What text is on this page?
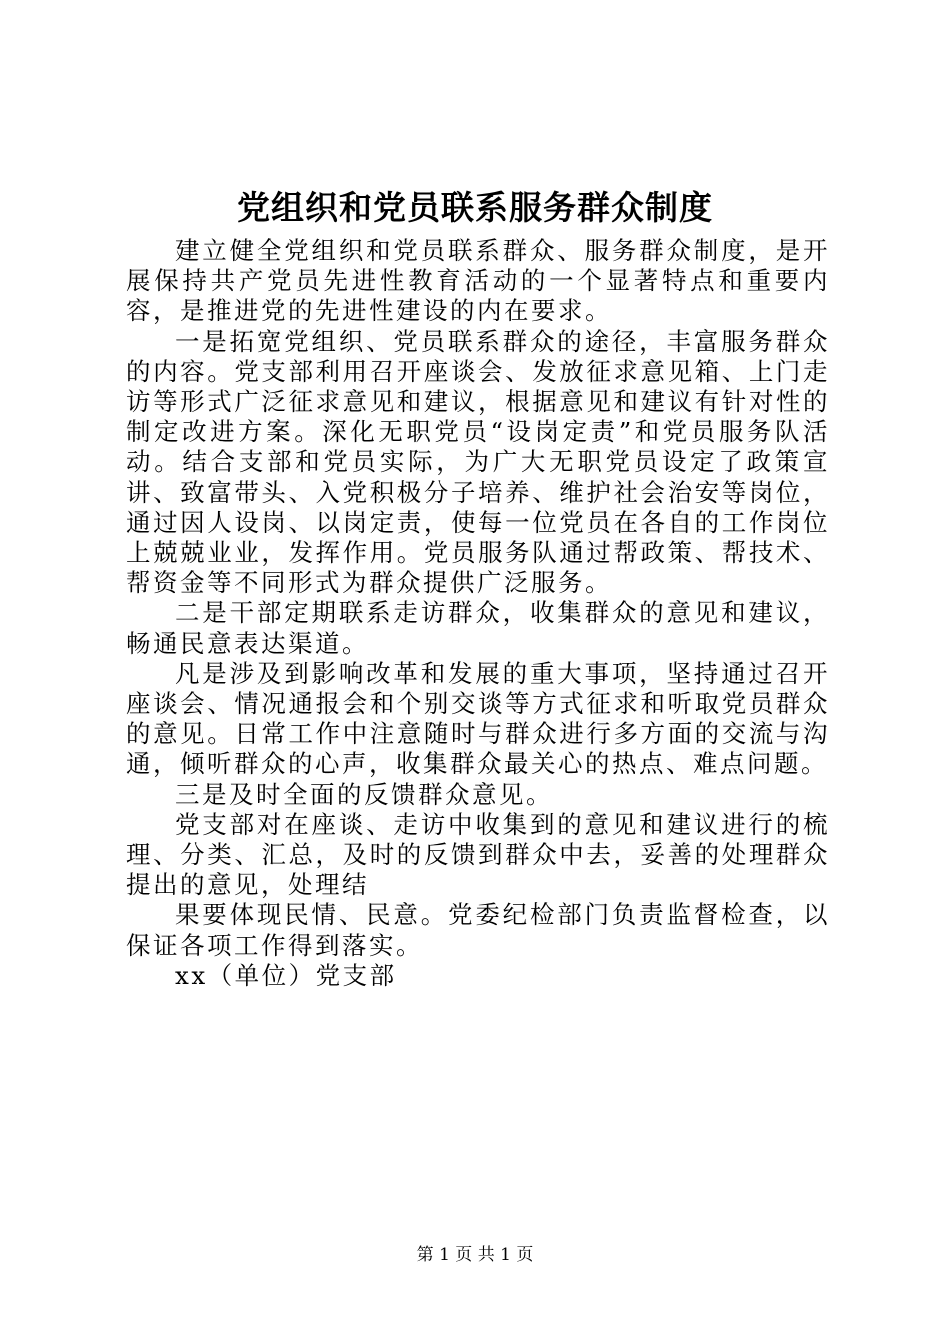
党组织和党员联系服务群众制度

建立健全党组织和党员联系群众、服务群众制度，是开展保持共产党员先进性教育活动的一个显著特点和重要内容，是推进党的先进性建设的内在要求。

一是拓宽党组织、党员联系群众的途径，丰富服务群众的内容。党支部利用召开座谈会、发放征求意见箱、上门走访等形式广泛征求意见和建议，根据意见和建议有针对性的制定改进方案。深化无职党员“设岗定责”和党员服务队活动。结合支部和党员实际，为广大无职党员设定了政策宣讲、致富带头、入党积极分子培养、维护社会治安等岗位，通过因人设岗、以岗定责，使每一位党员在各自的工作岗位上兢兢业业，发挥作用。党员服务队通过帮政策、帮技术、帮资金等不同形式为群众提供广泛服务。

二是干部定期联系走访群众，收集群众的意见和建议，畅通民意表达渠道。

凡是涉及到影响改革和发展的重大事项，坚持通过召开座谈会、情况通报会和个别交谈等方式征求和听取党员群众的意见。日常工作中注意随时与群众进行多方面的交流与沟通，倾听群众的心声，收集群众最关心的热点、难点问题。

三是及时全面的反馈群众意见。

党支部对在座谈、走访中收集到的意见和建议进行的梳理、分类、汇总，及时的反馈到群众中去，妥善的处理群众提出的意见，处理结

果要体现民情、民意。党委纪检部门负责监督检查，以保证各项工作得到落实。

xx（单位）党支部

第 1 页 共 1 页
